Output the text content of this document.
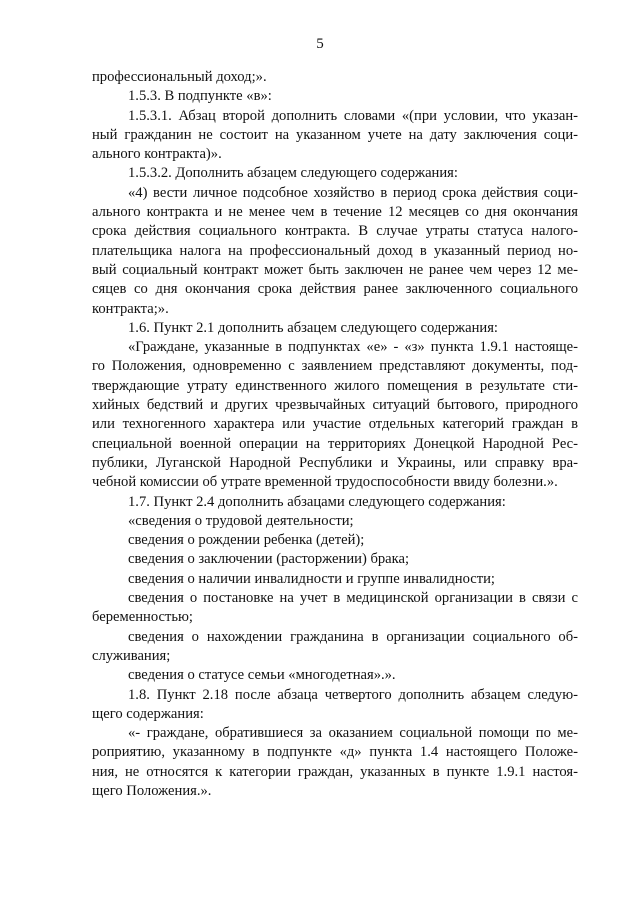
5
профессиональный доход;».
1.5.3. В подпункте «в»:
1.5.3.1. Абзац второй дополнить словами «(при условии, что указан-
ный гражданин не состоит на указанном учете на дату заключения соци-
ального контракта)».
1.5.3.2. Дополнить абзацем следующего содержания:
«4) вести личное подсобное хозяйство в период срока действия соци-
ального контракта и не менее чем в течение 12 месяцев со дня окончания
срока действия социального контракта. В случае утраты статуса налого-
плательщика налога на профессиональный доход в указанный период но-
вый социальный контракт может быть заключен не ранее чем через 12 ме-
сяцев со дня окончания срока действия ранее заключенного социального
контракта;».
1.6. Пункт 2.1 дополнить абзацем следующего содержания:
«Граждане, указанные в подпунктах «е» - «з» пункта 1.9.1 настояще-
го Положения, одновременно с заявлением представляют документы, под-
тверждающие утрату единственного жилого помещения в результате сти-
хийных бедствий и других чрезвычайных ситуаций бытового, природного
или техногенного характера или участие отдельных категорий граждан в
специальной военной операции на территориях Донецкой Народной Рес-
публики, Луганской Народной Республики и Украины, или справку вра-
чебной комиссии об утрате временной трудоспособности ввиду болезни.».
1.7. Пункт 2.4 дополнить абзацами следующего содержания:
«сведения о трудовой деятельности;
сведения о рождении ребенка (детей);
сведения о заключении (расторжении) брака;
сведения о наличии инвалидности и группе инвалидности;
сведения о постановке на учет в медицинской организации в связи с
беременностью;
сведения о нахождении гражданина в организации социального об-
служивания;
сведения о статусе семьи «многодетная».».
1.8. Пункт 2.18 после абзаца четвертого дополнить абзацем следую-
щего содержания:
«- граждане, обратившиеся за оказанием социальной помощи по ме-
роприятию, указанному в подпункте «д» пункта 1.4 настоящего Положе-
ния, не относятся к категории граждан, указанных в пункте 1.9.1 настоя-
щего Положения.».
